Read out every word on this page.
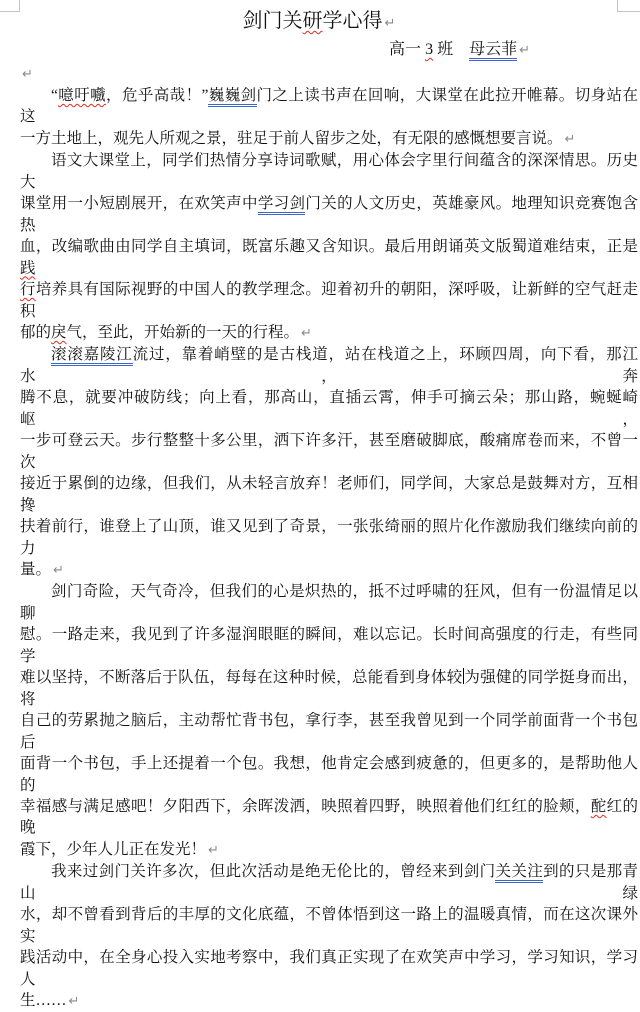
剑门关研学心得 ↵
高一 3 班　母云菲 ↵
↵
“噫吁嚱，危乎高哉！”巍巍剑门之上读书声在回响，大课堂在此拉开帷幕。切身站在这
一方土地上，观先人所观之景，驻足于前人留步之处，有无限的感慨想要言说。 ↵
语文大课堂上，同学们热情分享诗词歌赋，用心体会字里行间蕴含的深深情思。历史大
课堂用一小短剧展开，在欢笑声中学习剑门关的人文历史，英雄豪风。地理知识竞赛饱含热
血，改编歌曲由同学自主填词，既富乐趣又含知识。最后用朗诵英文版蜀道难结束，正是践
行培养具有国际视野的中国人的教学理念。迎着初升的朝阳，深呼吸，让新鲜的空气赶走积
郁的戾气，至此，开始新的一天的行程。 ↵
滚滚嘉陵江流过，靠着峭壁的是古栈道，站在栈道之上，环顾四周，向下看，那江水，奔
腾不息，就要冲破防线；向上看，那高山，直插云霄，伸手可摘云朵；那山路，蜿蜒崎岖，
一步可登云天。步行整整十多公里，洒下许多汗，甚至磨破脚底，酸痛席卷而来，不曾一次
接近于累倒的边缘，但我们，从未轻言放弃！老师们，同学间，大家总是鼓舞对方，互相搀
扶着前行，谁登上了山顶，谁又见到了奇景，一张张绮丽的照片化作激励我们继续向前的力
量。 ↵
剑门奇险，天气奇冷，但我们的心是炽热的，抵不过呼啸的狂风，但有一份温情足以聊
慰。一路走来，我见到了许多湿润眼眶的瞬间，难以忘记。长时间高强度的行走，有些同学
难以坚持，不断落后于队伍，每每在这种时候，总能看到身体较为强健的同学挺身而出，将
自己的劳累抛之脑后，主动帮忙背书包，拿行李，甚至我曾见到一个同学前面背一个书包后
面背一个书包，手上还提着一个包。我想，他肯定会感到疲惫的，但更多的，是帮助他人的
幸福感与满足感吧！夕阳西下，余晖泼洒，映照着四野，映照着他们红红的脸颊，酡红的晚
霞下，少年人儿正在发光！ ↵
我来过剑门关许多次，但此次活动是绝无伦比的，曾经来到剑门关关注到的只是那青山绿
水，却不曾看到背后的丰厚的文化底蕴，不曾体悟到这一路上的温暖真情，而在这次课外实
践活动中，在全身心投入实地考察中，我们真正实现了在欢笑声中学习，学习知识，学习人
生…… ↵
